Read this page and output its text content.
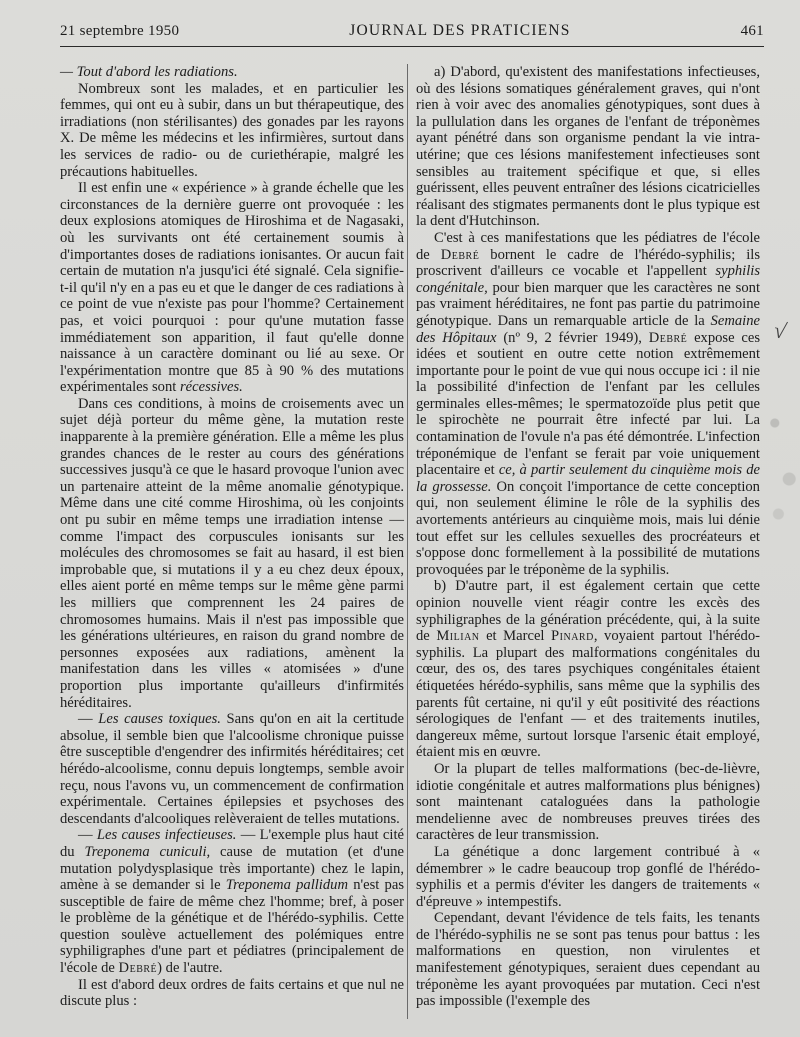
21 septembre 1950	JOURNAL DES PRATICIENS	461

— Tout d'abord les radiations.

Nombreux sont les malades, et en particulier les femmes, qui ont eu à subir, dans un but thérapeutique, des irradiations (non stérilisantes) des gonades par les rayons X. De même les médecins et les infirmières, surtout dans les services de radio- ou de curiethérapie, malgré les précautions habituelles.

Il est enfin une « expérience » à grande échelle que les circonstances de la dernière guerre ont provoquée : les deux explosions atomiques de Hiroshima et de Nagasaki, où les survivants ont été certainement soumis à d'importantes doses de radiations ionisantes. Or aucun fait certain de mutation n'a jusqu'ici été signalé. Cela signifie-t-il qu'il n'y en a pas eu et que le danger de ces radiations à ce point de vue n'existe pas pour l'homme? Certainement pas, et voici pourquoi : pour qu'une mutation fasse immédiatement son apparition, il faut qu'elle donne naissance à un caractère dominant ou lié au sexe. Or l'expérimentation montre que 85 à 90 % des mutations expérimentales sont récessives.

Dans ces conditions, à moins de croisements avec un sujet déjà porteur du même gène, la mutation reste inapparente à la première génération. Elle a même les plus grandes chances de le rester au cours des générations successives jusqu'à ce que le hasard provoque l'union avec un partenaire atteint de la même anomalie génotypique. Même dans une cité comme Hiroshima, où les conjoints ont pu subir en même temps une irradiation intense — comme l'impact des corpuscules ionisants sur les molécules des chromosomes se fait au hasard, il est bien improbable que, si mutations il y a eu chez deux époux, elles aient porté en même temps sur le même gène parmi les milliers que comprennent les 24 paires de chromosomes humains. Mais il n'est pas impossible que les générations ultérieures, en raison du grand nombre de personnes exposées aux radiations, amènent la manifestation dans les villes « atomisées » d'une proportion plus importante qu'ailleurs d'infirmités héréditaires.

— Les causes toxiques. Sans qu'on en ait la certitude absolue, il semble bien que l'alcoolisme chronique puisse être susceptible d'engendrer des infirmités héréditaires; cet hérédo-alcoolisme, connu depuis longtemps, semble avoir reçu, nous l'avons vu, un commencement de confirmation expérimentale. Certaines épilepsies et psychoses des descendants d'alcooliques relèveraient de telles mutations.

— Les causes infectieuses. — L'exemple plus haut cité du Treponema cuniculi, cause de mutation (et d'une mutation polydysplasique très importante) chez le lapin, amène à se demander si le Treponema pallidum n'est pas susceptible de faire de même chez l'homme; bref, à poser le problème de la génétique et de l'hérédo-syphilis. Cette question soulève actuellement des polémiques entre syphiligraphes d'une part et pédiatres (principalement de l'école de Debré) de l'autre.

Il est d'abord deux ordres de faits certains et que nul ne discute plus :

a) D'abord, qu'existent des manifestations infectieuses, où des lésions somatiques généralement graves, qui n'ont rien à voir avec des anomalies génotypiques, sont dues à la pullulation dans les organes de l'enfant de tréponèmes ayant pénétré dans son organisme pendant la vie intra-utérine; que ces lésions manifestement infectieuses sont sensibles au traitement spécifique et que, si elles guérissent, elles peuvent entraîner des lésions cicatricielles réalisant des stigmates permanents dont le plus typique est la dent d'Hutchinson.

C'est à ces manifestations que les pédiatres de l'école de Debré bornent le cadre de l'hérédo-syphilis; ils proscrivent d'ailleurs ce vocable et l'appellent syphilis congénitale, pour bien marquer que les caractères ne sont pas vraiment héréditaires, ne font pas partie du patrimoine génotypique. Dans un remarquable article de la Semaine des Hôpitaux (nº 9, 2 février 1949), Debré expose ces idées et soutient en outre cette notion extrêmement importante pour le point de vue qui nous occupe ici : il nie la possibilité d'infection de l'enfant par les cellules germinales elles-mêmes; le spermatozoïde plus petit que le spirochète ne pourrait être infecté par lui. La contamination de l'ovule n'a pas été démontrée. L'infection tréponémique de l'enfant se ferait par voie uniquement placentaire et ce, à partir seulement du cinquième mois de la grossesse. On conçoit l'importance de cette conception qui, non seulement élimine le rôle de la syphilis des avortements antérieurs au cinquième mois, mais lui dénie tout effet sur les cellules sexuelles des procréateurs et s'oppose donc formellement à la possibilité de mutations provoquées par le tréponème de la syphilis.

b) D'autre part, il est également certain que cette opinion nouvelle vient réagir contre les excès des syphiligraphes de la génération précédente, qui, à la suite de Milian et Marcel Pinard, voyaient partout l'hérédo-syphilis. La plupart des malformations congénitales du cœur, des os, des tares psychiques congénitales étaient étiquetées hérédo-syphilis, sans même que la syphilis des parents fût certaine, ni qu'il y eût positivité des réactions sérologiques de l'enfant — et des traitements inutiles, dangereux même, surtout lorsque l'arsenic était employé, étaient mis en œuvre.

Or la plupart de telles malformations (bec-de-lièvre, idiotie congénitale et autres malformations plus bénignes) sont maintenant cataloguées dans la pathologie mendelienne avec de nombreuses preuves tirées des caractères de leur transmission.

La génétique a donc largement contribué à « démembrer » le cadre beaucoup trop gonflé de l'hérédo-syphilis et a permis d'éviter les dangers de traitements « d'épreuve » intempestifs.

Cependant, devant l'évidence de tels faits, les tenants de l'hérédo-syphilis ne se sont pas tenus pour battus : les malformations en question, non virulentes et manifestement génotypiques, seraient dues cependant au tréponème les ayant provoquées par mutation. Ceci n'est pas impossible (l'exemple des

√
